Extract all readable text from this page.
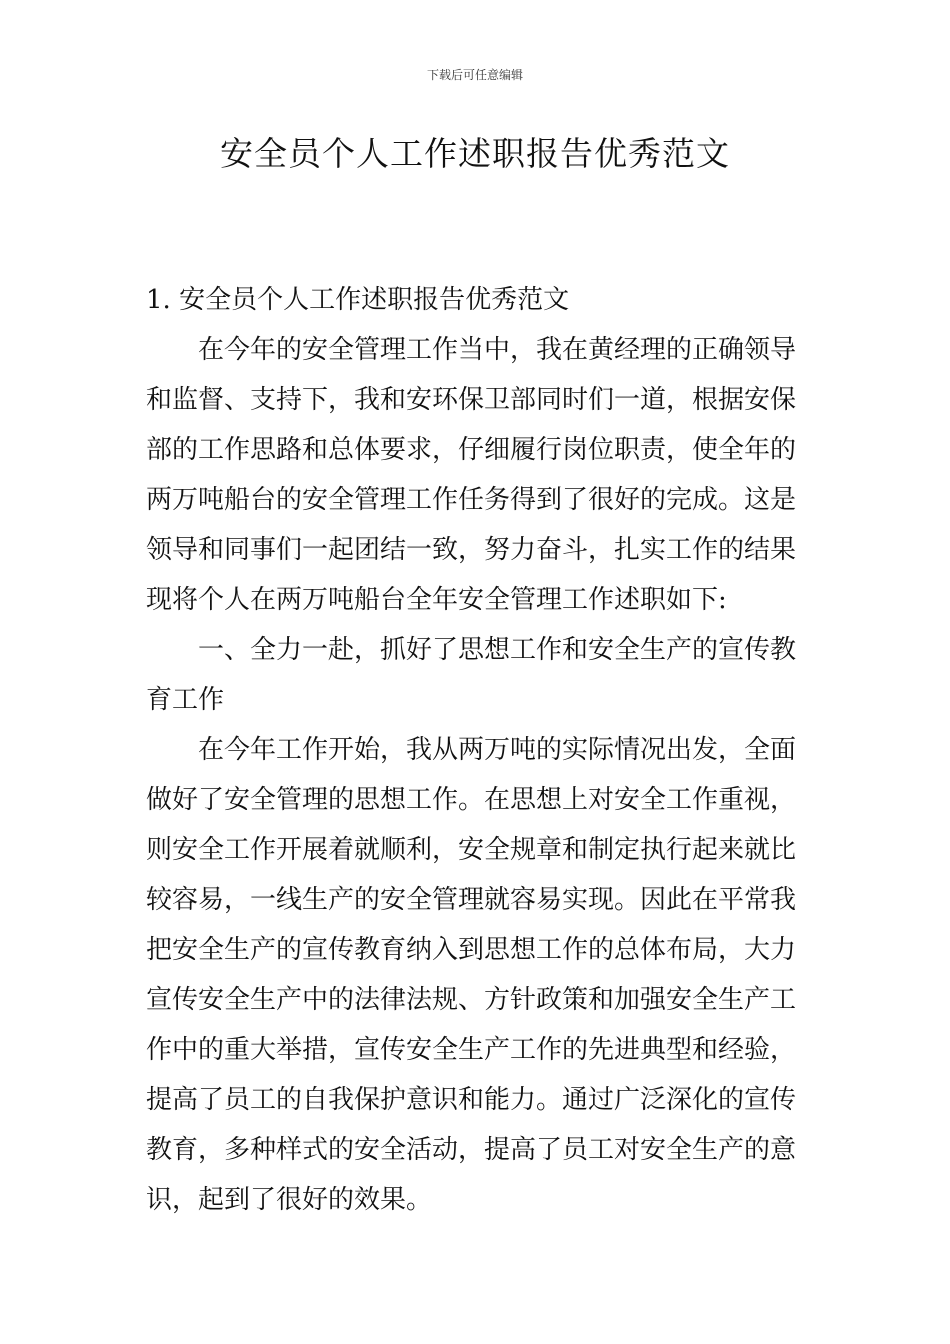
下载后可任意编辑
安全员个人工作述职报告优秀范文

1. 安全员个人工作述职报告优秀范文

在今年的安全管理工作当中，我在黄经理的正确领导和监督、支持下，我和安环保卫部同时们一道，根据安保部的工作思路和总体要求，仔细履行岗位职责，使全年的两万吨船台的安全管理工作任务得到了很好的完成。这是领导和同事们一起团结一致，努力奋斗，扎实工作的结果现将个人在两万吨船台全年安全管理工作述职如下:

一、全力一赴，抓好了思想工作和安全生产的宣传教育工作

在今年工作开始，我从两万吨的实际情况出发，全面做好了安全管理的思想工作。在思想上对安全工作重视，则安全工作开展着就顺利，安全规章和制定执行起来就比较容易，一线生产的安全管理就容易实现。因此在平常我把安全生产的宣传教育纳入到思想工作的总体布局，大力宣传安全生产中的法律法规、方针政策和加强安全生产工作中的重大举措，宣传安全生产工作的先进典型和经验，提高了员工的自我保护意识和能力。通过广泛深化的宣传教育，多种样式的安全活动，提高了员工对安全生产的意识，起到了很好的效果。
